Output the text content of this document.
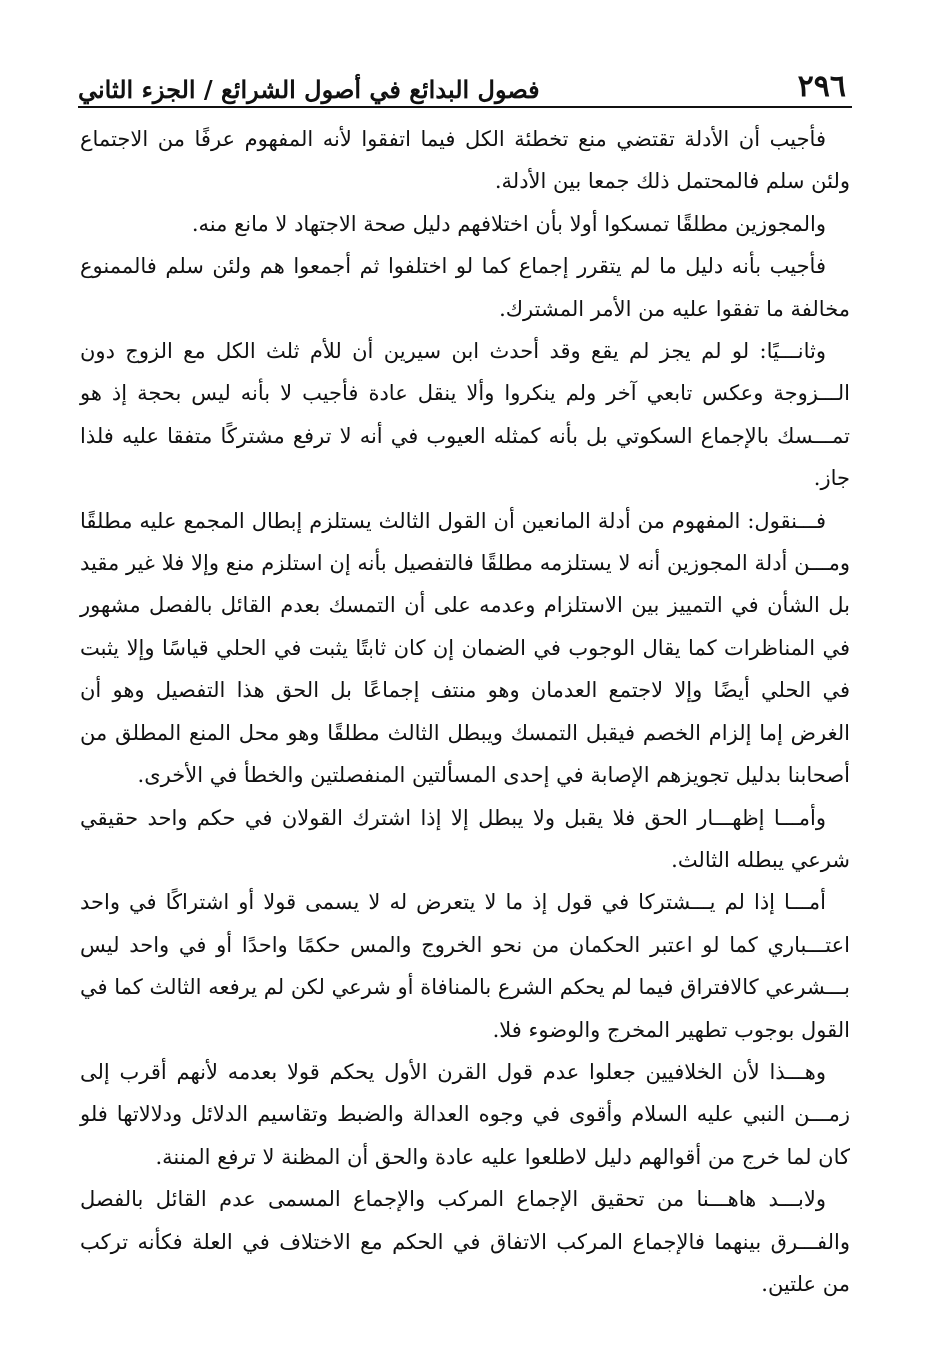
٢٩٦
فصول البدائع في أصول الشرائع / الجزء الثاني

فأجيب أن الأدلة تقتضي منع تخطئة الكل فيما اتفقوا لأنه المفهوم عرفًا من الاجتماع ولئن سلم فالمحتمل ذلك جمعا بين الأدلة.

والمجوزين مطلقًا تمسكوا أولا بأن اختلافهم دليل صحة الاجتهاد لا مانع منه.

فأجيب بأنه دليل ما لم يتقرر إجماع كما لو اختلفوا ثم أجمعوا هم ولئن سلم فالممنوع مخالفة ما تفقوا عليه من الأمر المشترك.

وثانـــيًا: لو لم يجز لم يقع وقد أحدث ابن سيرين أن للأم ثلث الكل مع الزوج دون الـــزوجة وعكس تابعي آخر ولم ينكروا وألا ينقل عادة فأجيب لا بأنه ليس بحجة إذ هو تمـــسك بالإجماع السكوتي بل بأنه كمثله العيوب في أنه لا ترفع مشتركًا متفقا عليه فلذا جاز.

فـــنقول: المفهوم من أدلة المانعين أن القول الثالث يستلزم إبطال المجمع عليه مطلقًا ومـــن أدلة المجوزين أنه لا يستلزمه مطلقًا فالتفصيل بأنه إن استلزم منع وإلا فلا غير مقيد بل الشأن في التمييز بين الاستلزام وعدمه على أن التمسك بعدم القائل بالفصل مشهور في المناظرات كما يقال الوجوب في الضمان إن كان ثابتًا يثبت في الحلي قياسًا وإلا يثبت في الحلي أيضًا وإلا لاجتمع العدمان وهو منتف إجماعًا بل الحق هذا التفصيل وهو أن الغرض إما إلزام الخصم فيقبل التمسك ويبطل الثالث مطلقًا وهو محل المنع المطلق من أصحابنا بدليل تجويزهم الإصابة في إحدى المسألتين المنفصلتين والخطأ في الأخرى.

وأمـــا إظهـــار الحق فلا يقبل ولا يبطل إلا إذا اشترك القولان في حكم واحد حقيقي شرعي يبطله الثالث.

أمـــا إذا لم يـــشتركا في قول إذ ما لا يتعرض له لا يسمى قولا أو اشتراكًا في واحد اعتـــباري كما لو اعتبر الحكمان من نحو الخروج والمس حكمًا واحدًا أو في واحد ليس بـــشرعي كالافتراق فيما لم يحكم الشرع بالمنافاة أو شرعي لكن لم يرفعه الثالث كما في القول بوجوب تطهير المخرج والوضوء فلا.

وهـــذا لأن الخلافيين جعلوا عدم قول القرن الأول يحكم قولا بعدمه لأنهم أقرب إلى زمـــن النبي عليه السلام وأقوى في وجوه العدالة والضبط وتقاسيم الدلائل ودلالاتها فلو كان لما خرج من أقوالهم دليل لاطلعوا عليه عادة والحق أن المظنة لا ترفع المننة.

ولابـــد هاهـــنا من تحقيق الإجماع المركب والإجماع المسمى عدم القائل بالفصل والفـــرق بينهما فالإجماع المركب الاتفاق في الحكم مع الاختلاف في العلة فكأنه تركب من علتين.
